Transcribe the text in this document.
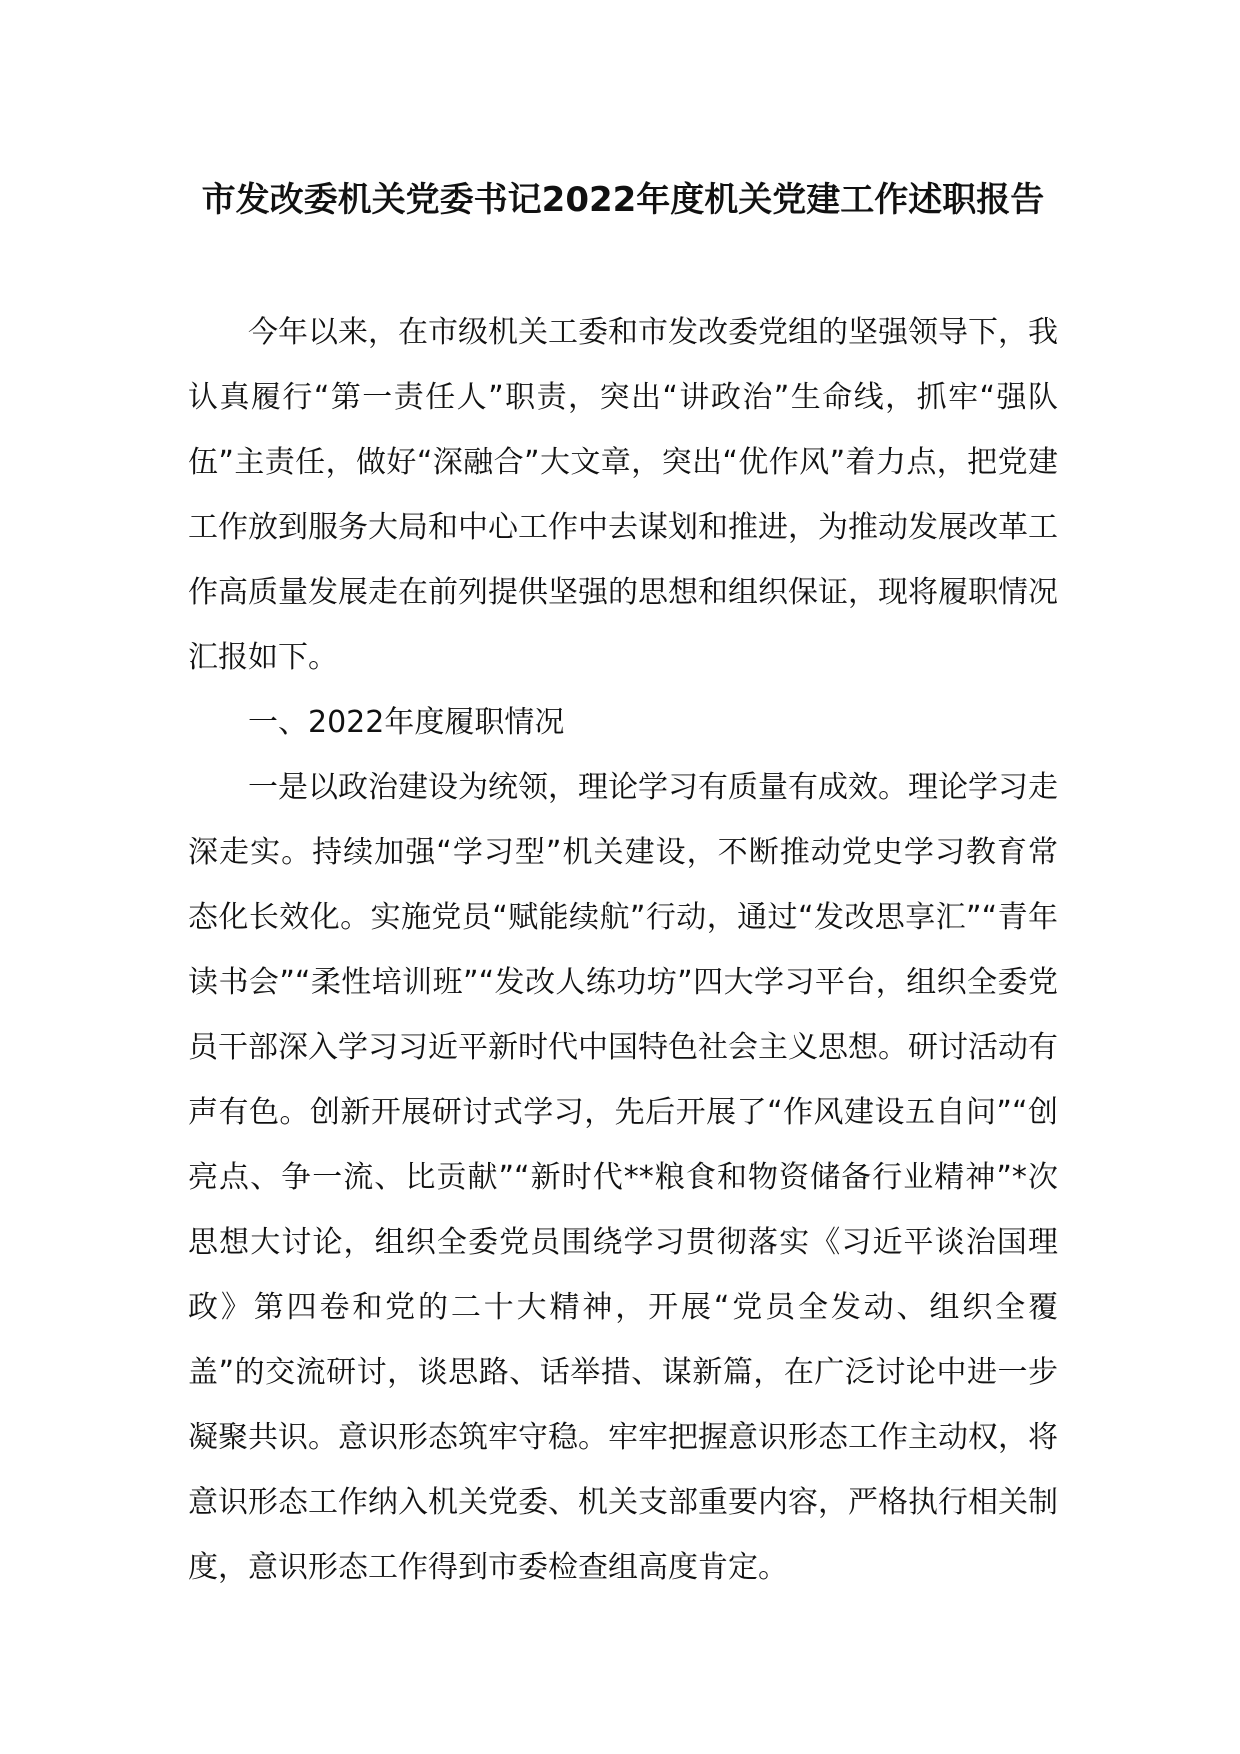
市发改委机关党委书记2022年度机关党建工作述职报告

今年以来，在市级机关工委和市发改委党组的坚强领导下，我认真履行“第一责任人”职责，突出“讲政治”生命线，抓牢“强队伍”主责任，做好“深融合”大文章，突出“优作风”着力点，把党建工作放到服务大局和中心工作中去谋划和推进，为推动发展改革工作高质量发展走在前列提供坚强的思想和组织保证，现将履职情况汇报如下。

一、2022年度履职情况

一是以政治建设为统领，理论学习有质量有成效。理论学习走深走实。持续加强“学习型”机关建设，不断推动党史学习教育常态化长效化。实施党员“赋能续航”行动，通过“发改思享汇”“青年读书会”“柔性培训班”“发改人练功坊”四大学习平台，组织全委党员干部深入学习习近平新时代中国特色社会主义思想。研讨活动有声有色。创新开展研讨式学习，先后开展了“作风建设五自问”“创亮点、争一流、比贡献”“新时代**粮食和物资储备行业精神”*次思想大讨论，组织全委党员围绕学习贯彻落实《习近平谈治国理政》第四卷和党的二十大精神，开展“党员全发动、组织全覆盖”的交流研讨，谈思路、话举措、谋新篇，在广泛讨论中进一步凝聚共识。意识形态筑牢守稳。牢牢把握意识形态工作主动权，将意识形态工作纳入机关党委、机关支部重要内容，严格执行相关制度，意识形态工作得到市委检查组高度肯定。
